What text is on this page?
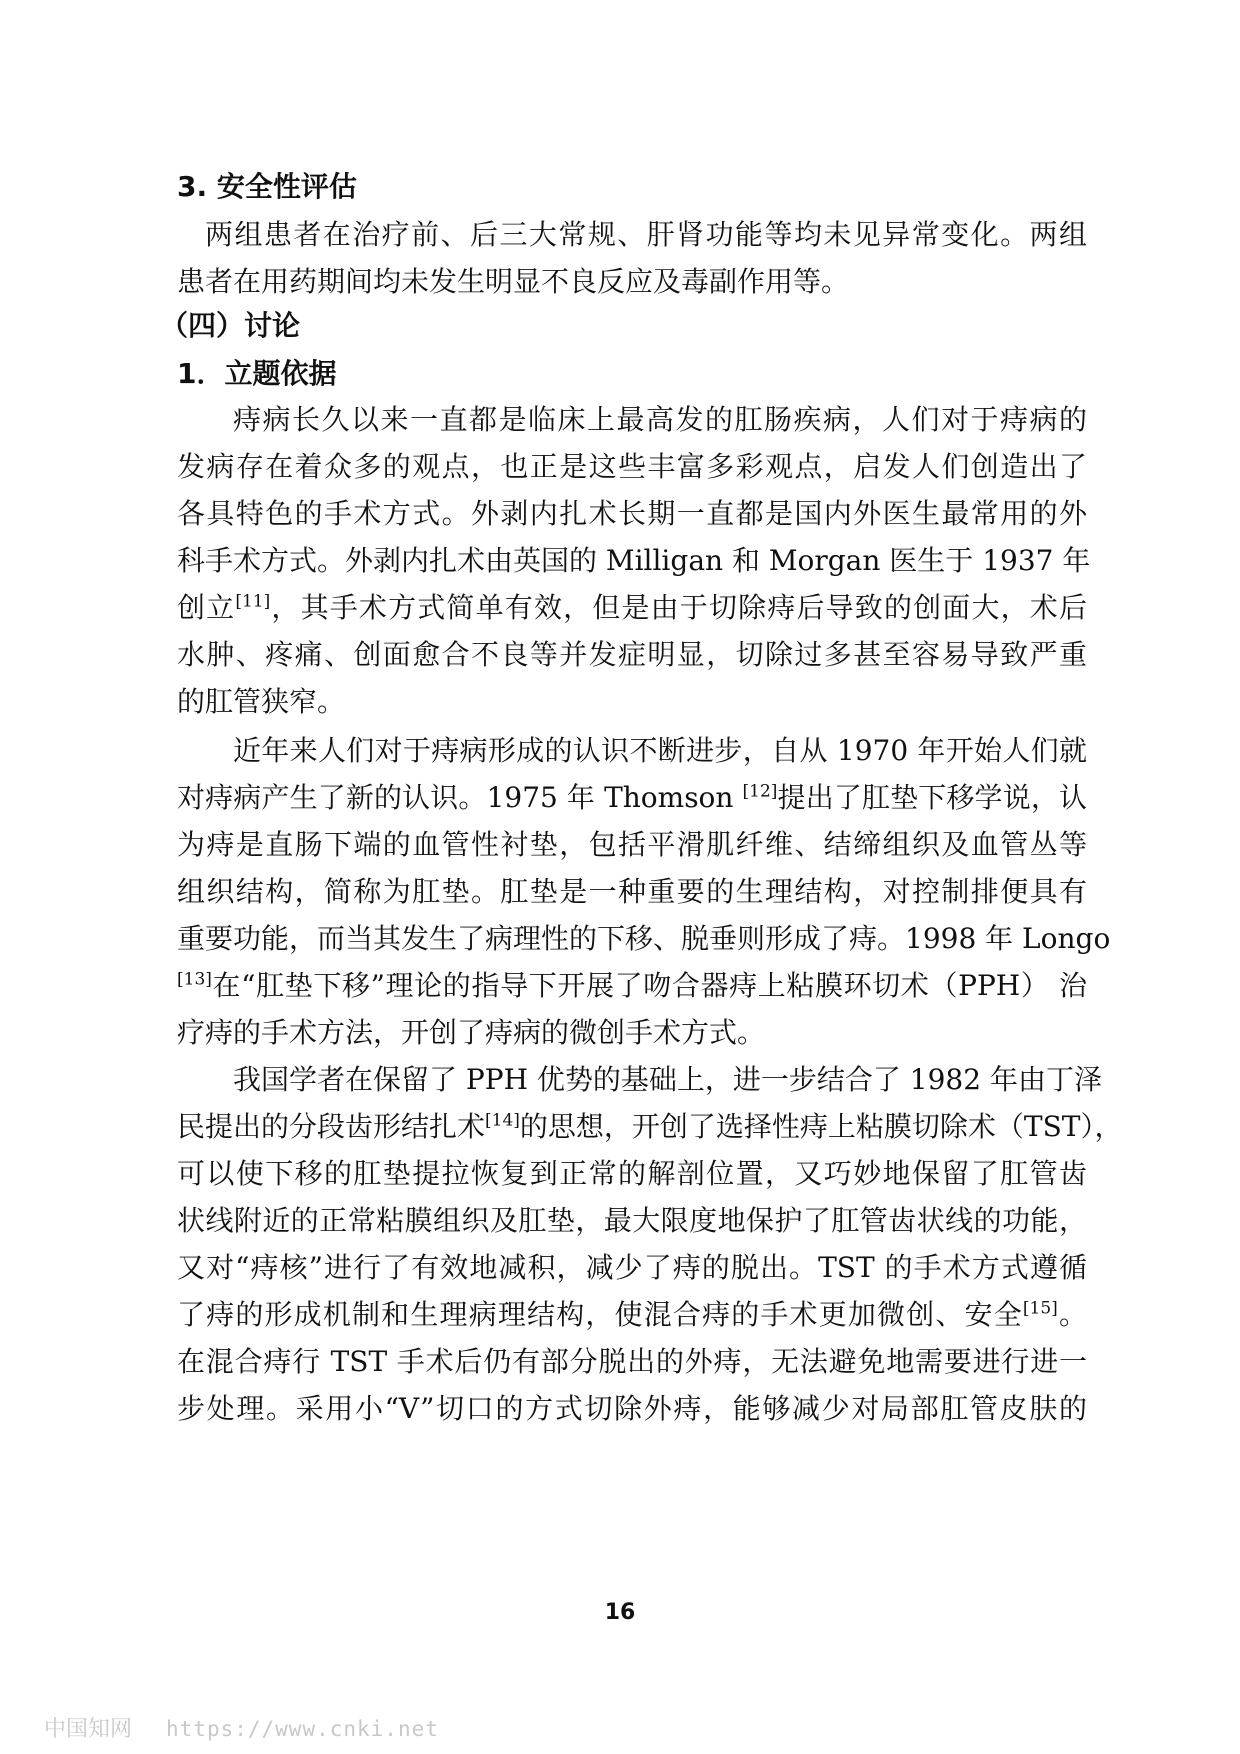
3. 安全性评估

两组患者在治疗前、后三大常规、肝肾功能等均未见异常变化。两组

患者在用药期间均未发生明显不良反应及毒副作用等。

（四）讨论
1．立题依据

痔病长久以来一直都是临床上最高发的肛肠疾病，人们对于痔病的

发病存在着众多的观点，也正是这些丰富多彩观点，启发人们创造出了

各具特色的手术方式。外剥内扎术长期一直都是国内外医生最常用的外

科手术方式。外剥内扎术由英国的 Milligan 和 Morgan 医生于 1937 年

创立[11]，其手术方式简单有效，但是由于切除痔后导致的创面大，术后

水肿、疼痛、创面愈合不良等并发症明显，切除过多甚至容易导致严重

的肛管狭窄。

近年来人们对于痔病形成的认识不断进步，自从 1970 年开始人们就

对痔病产生了新的认识。1975 年 Thomson [12]提出了肛垫下移学说，认

为痔是直肠下端的血管性衬垫，包括平滑肌纤维、结缔组织及血管丛等

组织结构，简称为肛垫。肛垫是一种重要的生理结构，对控制排便具有

重要功能，而当其发生了病理性的下移、脱垂则形成了痔。1998 年 Longo

[13]在“肛垫下移”理论的指导下开展了吻合器痔上粘膜环切术（PPH） 治

疗痔的手术方法，开创了痔病的微创手术方式。

我国学者在保留了 PPH 优势的基础上，进一步结合了 1982 年由丁泽

民提出的分段齿形结扎术[14]的思想，开创了选择性痔上粘膜切除术（TST），

可以使下移的肛垫提拉恢复到正常的解剖位置，又巧妙地保留了肛管齿

状线附近的正常粘膜组织及肛垫，最大限度地保护了肛管齿状线的功能，

又对“痔核”进行了有效地减积，减少了痔的脱出。TST 的手术方式遵循

了痔的形成机制和生理病理结构，使混合痔的手术更加微创、安全[15]。

在混合痔行 TST 手术后仍有部分脱出的外痔，无法避免地需要进行进一

步处理。采用小“V”切口的方式切除外痔，能够减少对局部肛管皮肤的

16

中国知网 https://www.cnki.net
